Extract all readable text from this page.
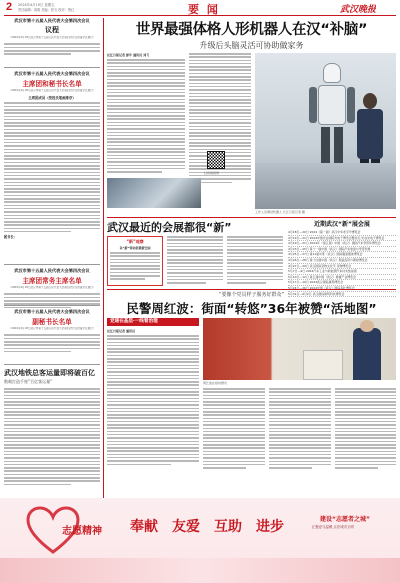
2 2024年4月19日 星期五
责任编辑：周明 美编：张石 校对：鲁红	要 闻	武汉晚报
武汉市第十五届人民代表大会第四次会议
议程
（2024年4月18日武汉市第十五届人民代表大会第四次会议预备会议通过）
武汉市第十五届人民代表大会第四次会议
主席团和秘书长名单
（2024年4月18日武汉市第十五届人民代表大会第四次会议预备会议通过）
主席团成员（按姓氏笔画排序）
秘书长：
武汉市第十五届人民代表大会第四次会议
主席团常务主席名单
（2024年4月18日武汉市第十五届人民代表大会第四次会议预备会议通过）
武汉市第十五届人民代表大会第四次会议
副秘书长名单
（2024年4月18日武汉市第十五届人民代表大会第四次会议预备会议通过）
武汉地铁总客运量即将破百亿
数载打造千座“百亿客运量”
世界最强体格人形机器人在汉“补脑”
升级后头脑灵活可协助做家务
长江日报记者 彭年 通讯员 刘飞
扫码看视频
工作人员调试机器人 长江日报记者 摄
武汉最近的会展都很“新”
“新”观察
以“新”带动消费新空间
近期武汉“新”展会展
4月18日—20日 2024（第一届）武汉中华老字号博览会
4月19日—21日 2024中国光谷国际光电子博览会暨论坛·光谷光电子博览会
4月19日—21日 2024年（第五届）中国（武汉）国际汽车零部件博览会
4月23日—25日 第十一届中国（武汉）国际汽车装备与零部件展
4月25日—27日 第11届中部（武汉）国际服装服饰博览会
4月26日—28日 第十四届中国（武汉）期货投资与理财博览会
4月27日—29日 武汉国际宠物文化节 宠物博览会
5月7日—9日 2024汽车工业与新能源汽车技术装备展
5月10日—12日 第五届中国（武汉）健康产业博览会
5月17日—19日 2024武汉国际康养博览会
5月24日—26日 2024中国（武汉）国际茶叶博览会
5月31日—6月2日 武汉国际建筑科技博览会
“要像个党员样子服务好群众”
民警周红波：街面“转悠”36年被赞“活地图”
党建在基层·一线看治理
长江日报记者 通讯员
周红波在接待群众
志愿精神 奉献 友爱 互助 进步	建设“志愿者之城”
汇聚爱与温暖 点亮城市文明
